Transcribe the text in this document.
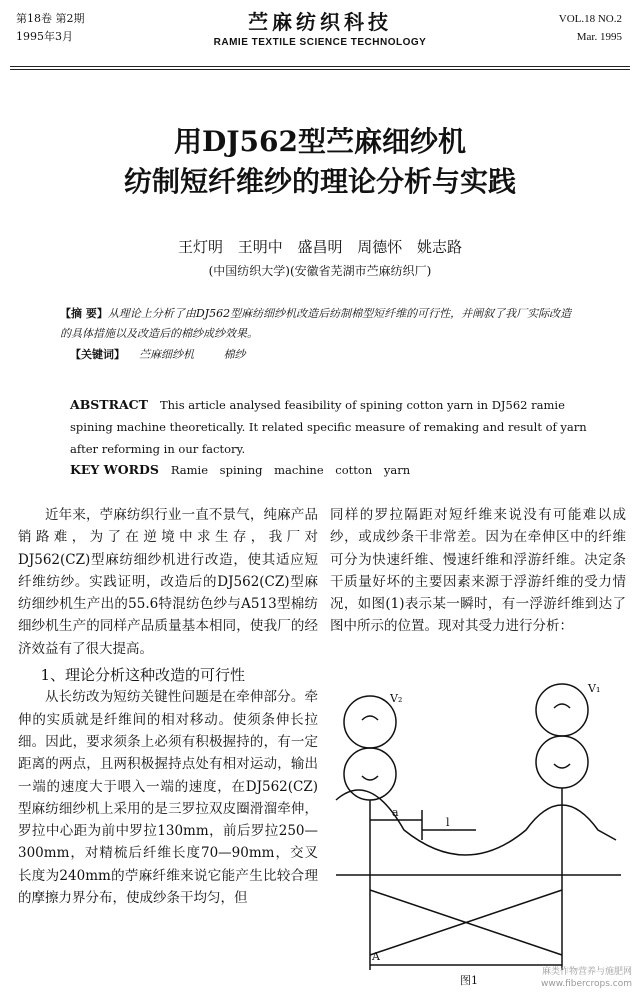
第18卷 第2期
1995年3月
苎麻纺织科技
RAMIE TEXTILE SCIENCE TECHNOLOGY
VOL.18 NO.2
Mar. 1995
用DJ562型苎麻细纱机
纺制短纤维纱的理论分析与实践
王灯明 王明中 盛昌明 周德怀 姚志路
(中国纺织大学)(安徽省芜湖市苎麻纺织厂)
【摘 要】从理论上分析了由DJ562型麻纺细纱机改造后纺制棉型短纤维的可行性，并阐叙了我厂实际改造的具体措施以及改造后的棉纱成纱效果。
【关键词】 苎麻细纱机 棉纱
ABSTRACT This article analysed feasibility of spining cotton yarn in DJ562 ramie spining machine theoretically. It related specific measure of remaking and result of yarn after reforming in our factory.
KEY WORDS Ramie spining machine cotton yarn

近年来，苧麻纺织行业一直不景气，纯麻产品销路难，为了在逆境中求生存，我厂对DJ562(CZ)型麻纺细纱机进行改造，使其适应短纤维纺纱。实践证明，改造后的DJ562(CZ)型麻纺细纱机生产出的55.6特混纺色纱与A513型棉纺细纱机生产的同样产品质量基本相同，使我厂的经济效益有了很大提高。

1、理论分析这种改造的可行性

从长纺改为短纺关键性问题是在牵伸部分。牵伸的实质就是纤维间的相对移动。使须条伸长拉细。因此，要求须条上必须有积极握持的，有一定距离的两点，且两积极握持点处有相对运动，输出一端的速度大于喂入一端的速度，在DJ562(CZ)型麻纺细纱机上采用的是三罗拉双皮圈滑溜牵伸，罗拉中心距为前中罗拉130mm，前后罗拉250—300mm，对精梳后纤维长度70—90mm，交叉长度为240mm的苧麻纤维来说它能产生比较合理的摩擦力界分布，使成纱条干均匀，但

同样的罗拉隔距对短纤维来说没有可能难以成纱，或成纱条干非常差。因为在牵伸区中的纤维可分为快速纤维、慢速纤维和浮游纤维。决定条干质量好坏的主要因素来源于浮游纤维的受力情况，如图(1)表示某一瞬时，有一浮游纤维到达了图中所示的位置。现对其受力进行分析：

V₂
V₁
a
l
A
图1
麻类作物营养与施肥网
www.fibercrops.com
